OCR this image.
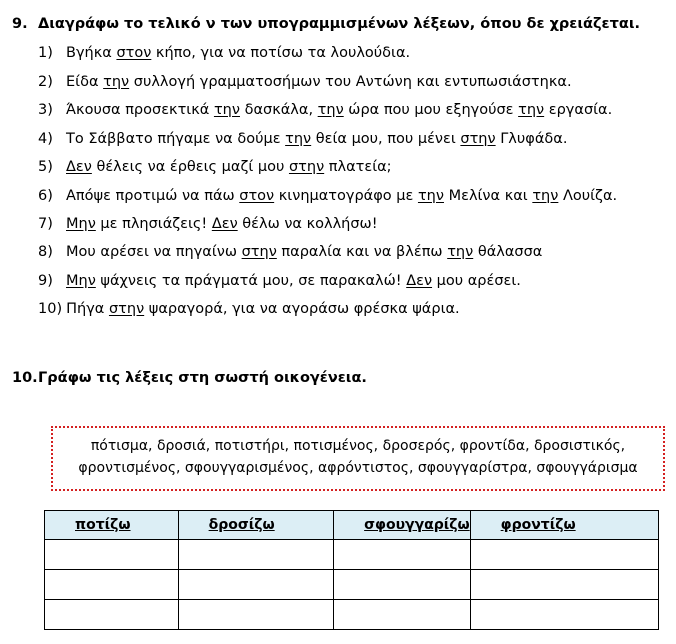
9. Διαγράφω το τελικό ν των υπογραμμισμένων λέξεων, όπου δε χρειάζεται.
1) Βγήκα στον κήπο, για να ποτίσω τα λουλούδια.
2) Είδα την συλλογή γραμματοσήμων του Αντώνη και εντυπωσιάστηκα.
3) Άκουσα προσεκτικά την δασκάλα, την ώρα που μου εξηγούσε την εργασία.
4) Το Σάββατο πήγαμε να δούμε την θεία μου, που μένει στην Γλυφάδα.
5) Δεν θέλεις να έρθεις μαζί μου στην πλατεία;
6) Απόψε προτιμώ να πάω στον κινηματογράφο με την Μελίνα και την Λουίζα.
7) Μην με πλησιάζεις! Δεν θέλω να κολλήσω!
8) Μου αρέσει να πηγαίνω στην παραλία και να βλέπω την θάλασσα
9) Μην ψάχνεις τα πράγματά μου, σε παρακαλώ! Δεν μου αρέσει.
10) Πήγα στην ψαραγορά, για να αγοράσω φρέσκα ψάρια.
10.Γράφω τις λέξεις στη σωστή οικογένεια.
πότισμα, δροσιά, ποτιστήρι, ποτισμένος, δροσερός, φροντίδα, δροσιστικός,
φροντισμένος, σφουγγαρισμένος, αφρόντιστος, σφουγγαρίστρα, σφουγγάρισμα
ποτίζω	δροσίζω	σφουγγαρίζω	φροντίζω
